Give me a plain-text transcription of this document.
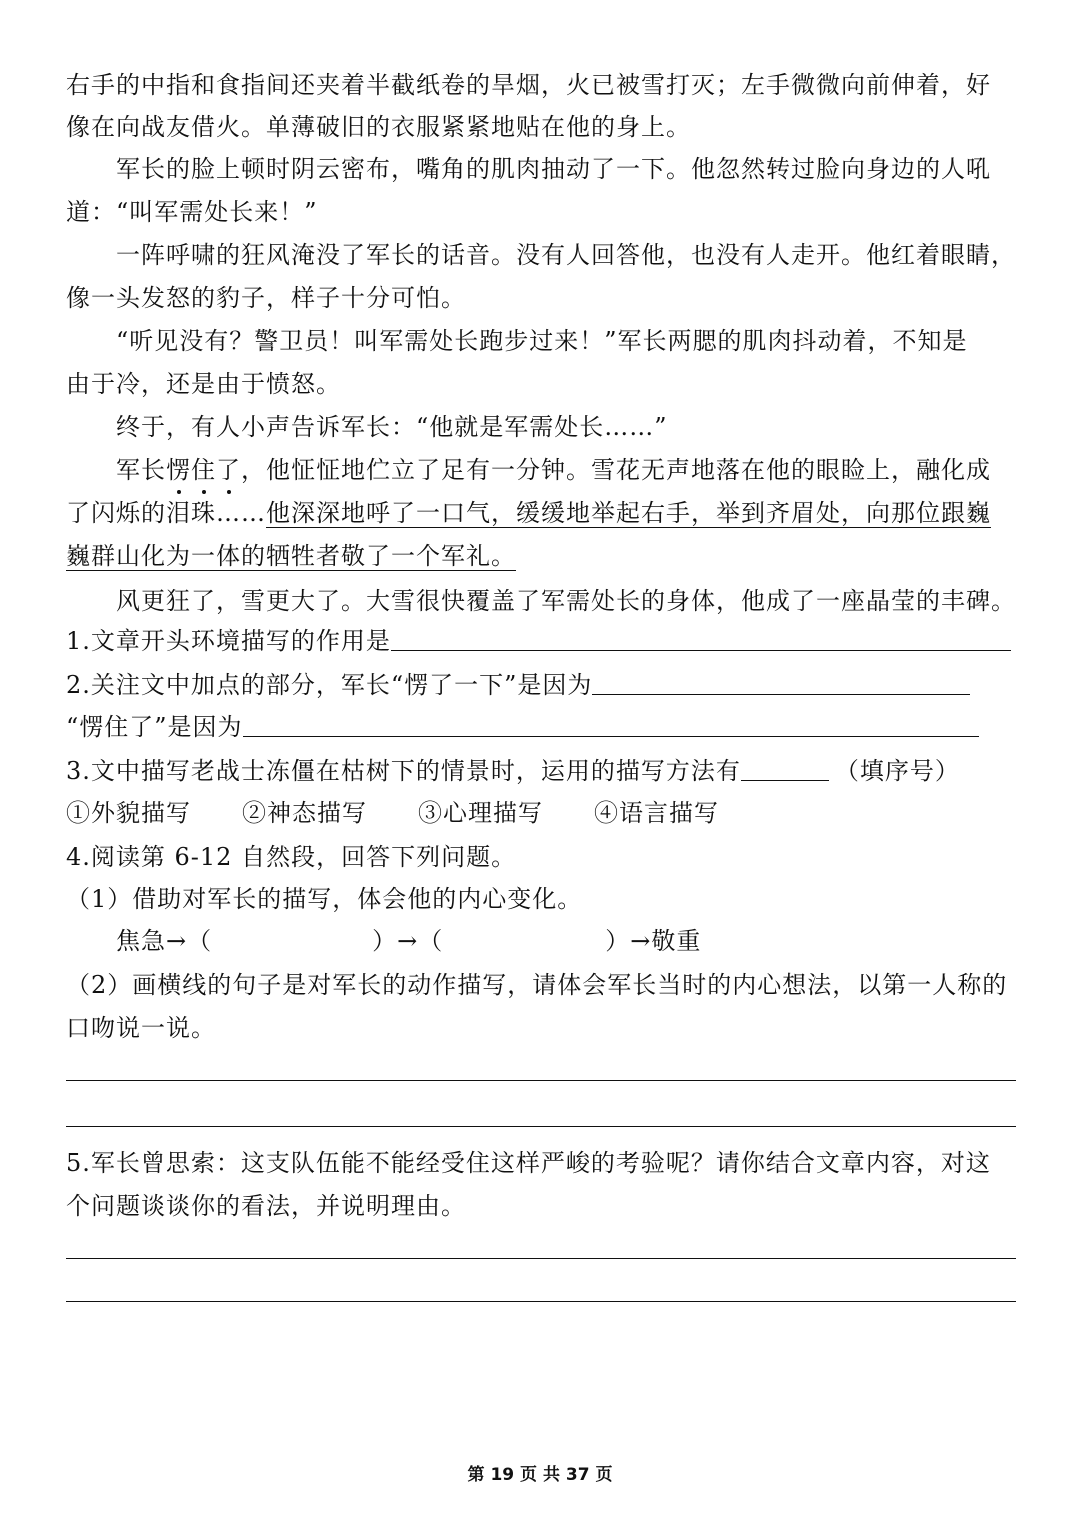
右手的中指和食指间还夹着半截纸卷的旱烟，火已被雪打灭；左手微微向前伸着，好
像在向战友借火。单薄破旧的衣服紧紧地贴在他的身上。
军长的脸上顿时阴云密布，嘴角的肌肉抽动了一下。他忽然转过脸向身边的人吼
道：“叫军需处长来！”
一阵呼啸的狂风淹没了军长的话音。没有人回答他，也没有人走开。他红着眼睛，
像一头发怒的豹子，样子十分可怕。
“听见没有？警卫员！叫军需处长跑步过来！”军长两腮的肌肉抖动着，不知是
由于冷，还是由于愤怒。
终于，有人小声告诉军长：“他就是军需处长……”
军长愣住了，他怔怔地伫立了足有一分钟。雪花无声地落在他的眼睑上，融化成
了闪烁的泪珠……他深深地呼了一口气，缓缓地举起右手，举到齐眉处，向那位跟巍
巍群山化为一体的牺牲者敬了一个军礼。
风更狂了，雪更大了。大雪很快覆盖了军需处长的身体，他成了一座晶莹的丰碑。
1.文章开头环境描写的作用是
2.关注文中加点的部分，军长“愣了一下”是因为
“愣住了”是因为
3.文中描写老战士冻僵在枯树下的情景时，运用的描写方法有	（填序号）
①外貌描写 ②神态描写 ③心理描写 ④语言描写
4.阅读第 6-12 自然段，回答下列问题。
（1）借助对军长的描写，体会他的内心变化。
焦急→（	）→（	）→敬重
（2）画横线的句子是对军长的动作描写，请体会军长当时的内心想法，以第一人称的
口吻说一说。
5.军长曾思索：这支队伍能不能经受住这样严峻的考验呢？请你结合文章内容，对这
个问题谈谈你的看法，并说明理由。
第 19 页 共 37 页
